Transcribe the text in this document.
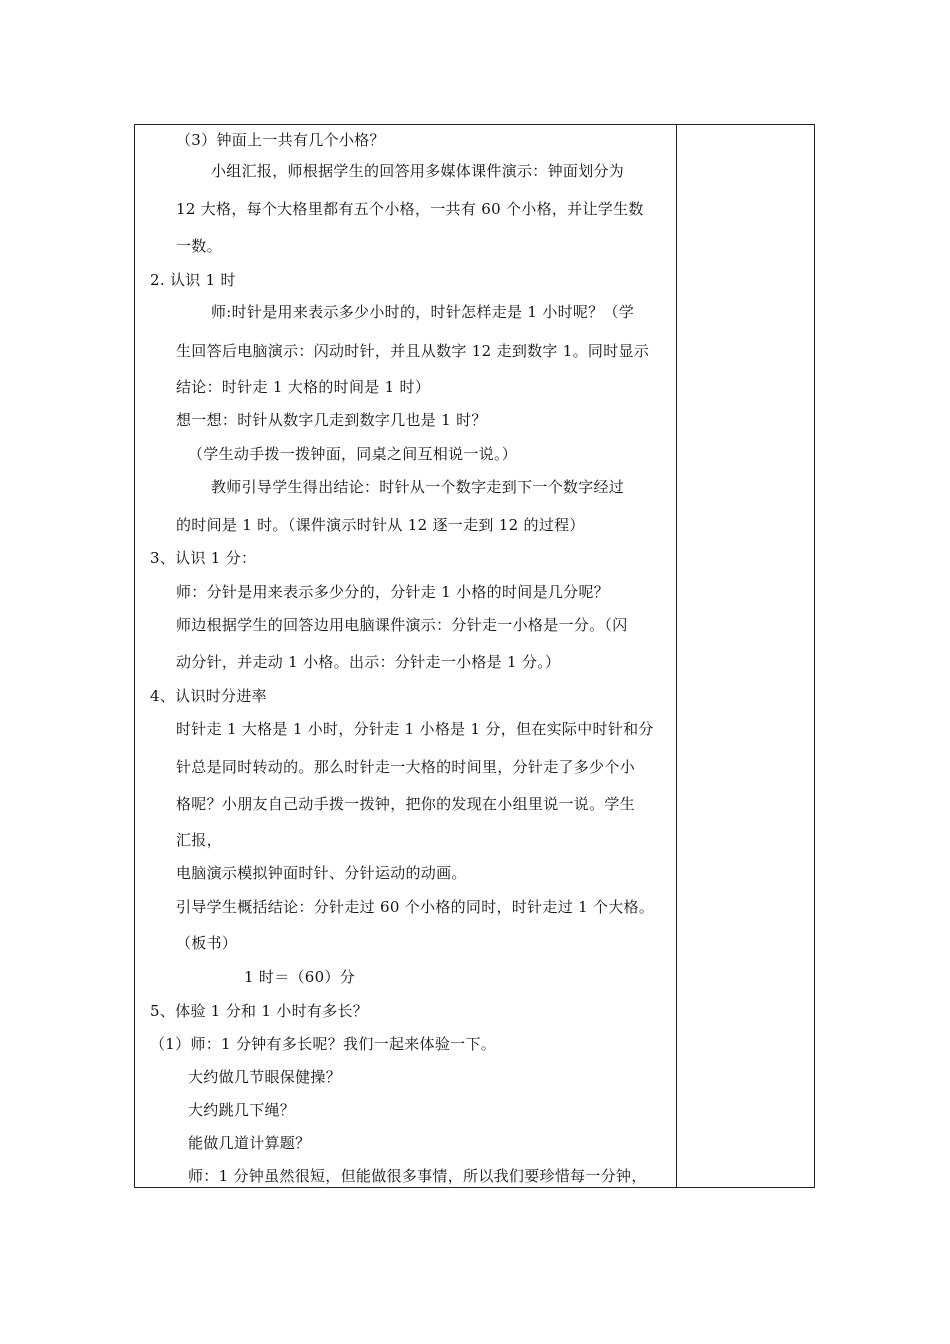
（3）钟面上一共有几个小格？
小组汇报，师根据学生的回答用多媒体课件演示：钟面划分为
12 大格，每个大格里都有五个小格，一共有 60 个小格，并让学生数
一数。
2. 认识 1 时
师:时针是用来表示多少小时的，时针怎样走是 1 小时呢？（学
生回答后电脑演示：闪动时针，并且从数字 12 走到数字 1。同时显示
结论：时针走 1 大格的时间是 1 时）
想一想：时针从数字几走到数字几也是 1 时？
（学生动手拨一拨钟面，同桌之间互相说一说。）
教师引导学生得出结论：时针从一个数字走到下一个数字经过
的时间是 1 时。（课件演示时针从 12 逐一走到 12 的过程）
3、认识 1 分：
师：分针是用来表示多少分的，分针走 1 小格的时间是几分呢？
师边根据学生的回答边用电脑课件演示：分针走一小格是一分。（闪
动分针，并走动 1 小格。出示：分针走一小格是 1 分。）
4、认识时分进率
时针走 1 大格是 1 小时，分针走 1 小格是 1 分，但在实际中时针和分
针总是同时转动的。那么时针走一大格的时间里，分针走了多少个小
格呢？小朋友自己动手拨一拨钟，把你的发现在小组里说一说。学生
汇报，
电脑演示模拟钟面时针、分针运动的动画。
引导学生概括结论：分针走过 60 个小格的同时，时针走过 1 个大格。
（板书）
1 时＝（60）分
5、体验 1 分和 1 小时有多长？
（1）师：1 分钟有多长呢？我们一起来体验一下。
大约做几节眼保健操？
大约跳几下绳？
能做几道计算题？
师：1 分钟虽然很短，但能做很多事情，所以我们要珍惜每一分钟，
